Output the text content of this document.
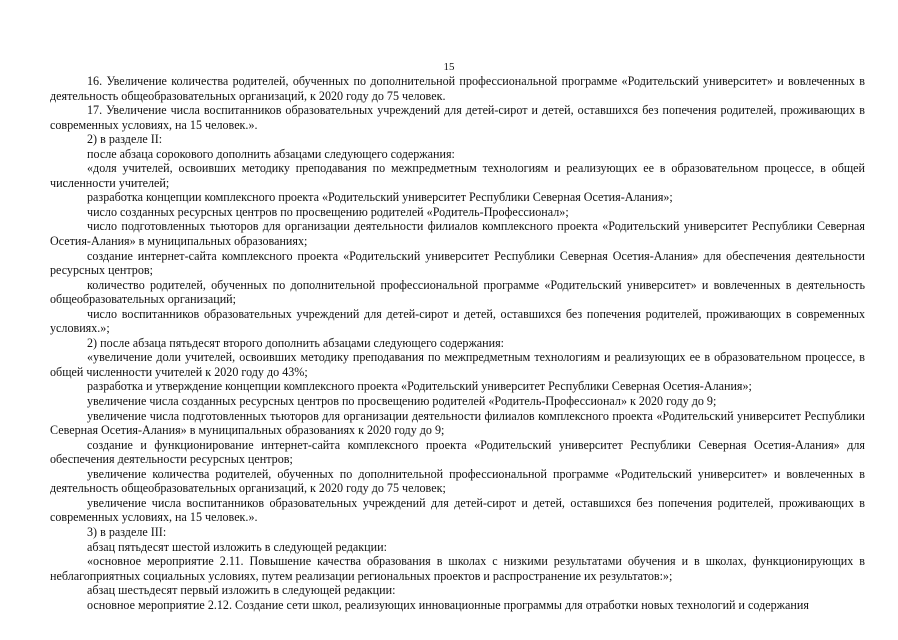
15

16. Увеличение количества родителей, обученных по дополнительной профессиональной программе «Родительский университет» и вовлеченных в деятельность общеобразовательных организаций, к 2020 году до 75 человек.

17. Увеличение числа воспитанников образовательных учреждений для детей-сирот и детей, оставшихся без попечения родителей, проживающих в современных условиях, на 15 человек.».

2) в разделе II:

после абзаца сорокового дополнить абзацами следующего содержания:

«доля учителей, освоивших методику преподавания по межпредметным технологиям и реализующих ее в образовательном процессе, в общей численности учителей;

разработка концепции комплексного проекта «Родительский университет Республики Северная Осетия-Алания»;

число созданных ресурсных центров по просвещению родителей «Родитель-Профессионал»;

число подготовленных тьюторов для организации деятельности филиалов комплексного проекта «Родительский университет Республики Северная Осетия-Алания» в муниципальных образованиях;

создание интернет-сайта комплексного проекта «Родительский университет Республики Северная Осетия-Алания» для обеспечения деятельности ресурсных центров;

количество родителей, обученных по дополнительной профессиональной программе «Родительский университет» и вовлеченных в деятельность общеобразовательных организаций;

число воспитанников образовательных учреждений для детей-сирот и детей, оставшихся без попечения родителей, проживающих в современных условиях.»;

2) после абзаца пятьдесят второго дополнить абзацами следующего содержания:

«увеличение доли учителей, освоивших методику преподавания по межпредметным технологиям и реализующих ее в образовательном процессе, в общей численности учителей к 2020 году до 43%;

разработка и утверждение концепции комплексного проекта «Родительский университет Республики Северная Осетия-Алания»;

увеличение числа созданных ресурсных центров по просвещению родителей «Родитель-Профессионал» к 2020 году до 9;

увеличение числа подготовленных тьюторов для организации деятельности филиалов комплексного проекта «Родительский университет Республики Северная Осетия-Алания» в муниципальных образованиях к 2020 году до 9;

создание и функционирование интернет-сайта комплексного проекта «Родительский университет Республики Северная Осетия-Алания» для обеспечения деятельности ресурсных центров;

увеличение количества родителей, обученных по дополнительной профессиональной программе «Родительский университет» и вовлеченных в деятельность общеобразовательных организаций, к 2020 году до 75 человек;

увеличение числа воспитанников образовательных учреждений для детей-сирот и детей, оставшихся без попечения родителей, проживающих в современных условиях, на 15 человек.».

3) в разделе III:

абзац пятьдесят шестой изложить в следующей редакции:

«основное мероприятие 2.11. Повышение качества образования в школах с низкими результатами обучения и в школах, функционирующих в неблагоприятных социальных условиях, путем реализации региональных проектов и распространение их результатов:»;

абзац шестьдесят первый изложить в следующей редакции:

основное мероприятие 2.12. Создание сети школ, реализующих инновационные программы для отработки новых технологий и содержания
